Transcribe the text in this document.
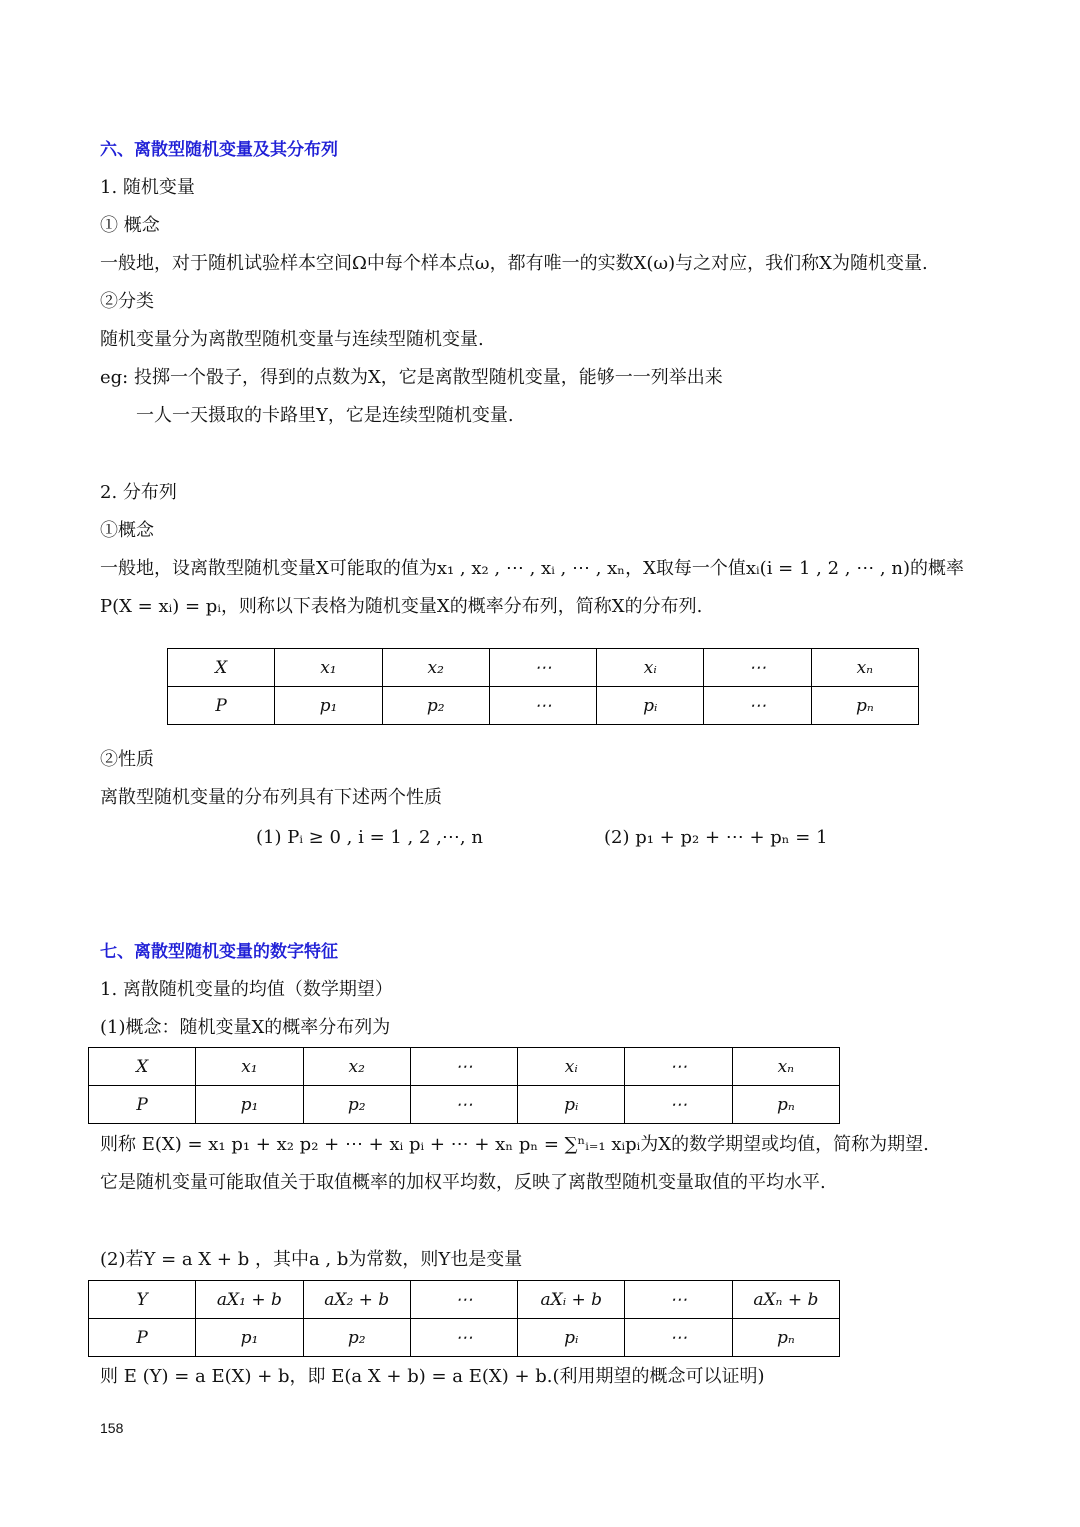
六、离散型随机变量及其分布列
1. 随机变量
① 概念
一般地，对于随机试验样本空间Ω中每个样本点ω，都有唯一的实数X(ω)与之对应，我们称X为随机变量.
②分类
随机变量分为离散型随机变量与连续型随机变量.
eg: 投掷一个骰子，得到的点数为X，它是离散型随机变量，能够一一列举出来
一人一天摄取的卡路里Y，它是连续型随机变量.
2. 分布列
①概念
一般地，设离散型随机变量X可能取的值为x₁ , x₂ , ⋯ , xᵢ , ⋯ , xₙ，X取每一个值xᵢ(i = 1 , 2 , ⋯ , n)的概率
P(X = xᵢ) = pᵢ，则称以下表格为随机变量X的概率分布列，简称X的分布列.
X	x₁	x₂	⋯	xᵢ	⋯	xₙ
P	p₁	p₂	⋯	pᵢ	⋯	pₙ
②性质
离散型随机变量的分布列具有下述两个性质
(1) Pᵢ ≥ 0 , i = 1 , 2 ,⋯, n	(2) p₁ + p₂ + ⋯ + pₙ = 1
七、离散型随机变量的数字特征
1. 离散随机变量的均值（数学期望）
(1)概念：随机变量X的概率分布列为
X	x₁	x₂	⋯	xᵢ	⋯	xₙ
P	p₁	p₂	⋯	pᵢ	⋯	pₙ
则称 E(X) = x₁ p₁ + x₂ p₂ + ⋯ + xᵢ pᵢ + ⋯ + xₙ pₙ = ∑ⁿᵢ₌₁ xᵢpᵢ为X的数学期望或均值，简称为期望.
它是随机变量可能取值关于取值概率的加权平均数，反映了离散型随机变量取值的平均水平.
(2)若Y = a X + b ，其中a , b为常数，则Y也是变量
Y	aX₁ + b	aX₂ + b	⋯	aXᵢ + b	⋯	aXₙ + b
P	p₁	p₂	⋯	pᵢ	⋯	pₙ
则 E (Y) = a E(X) + b，即 E(a X + b) = a E(X) + b.(利用期望的概念可以证明)
158
